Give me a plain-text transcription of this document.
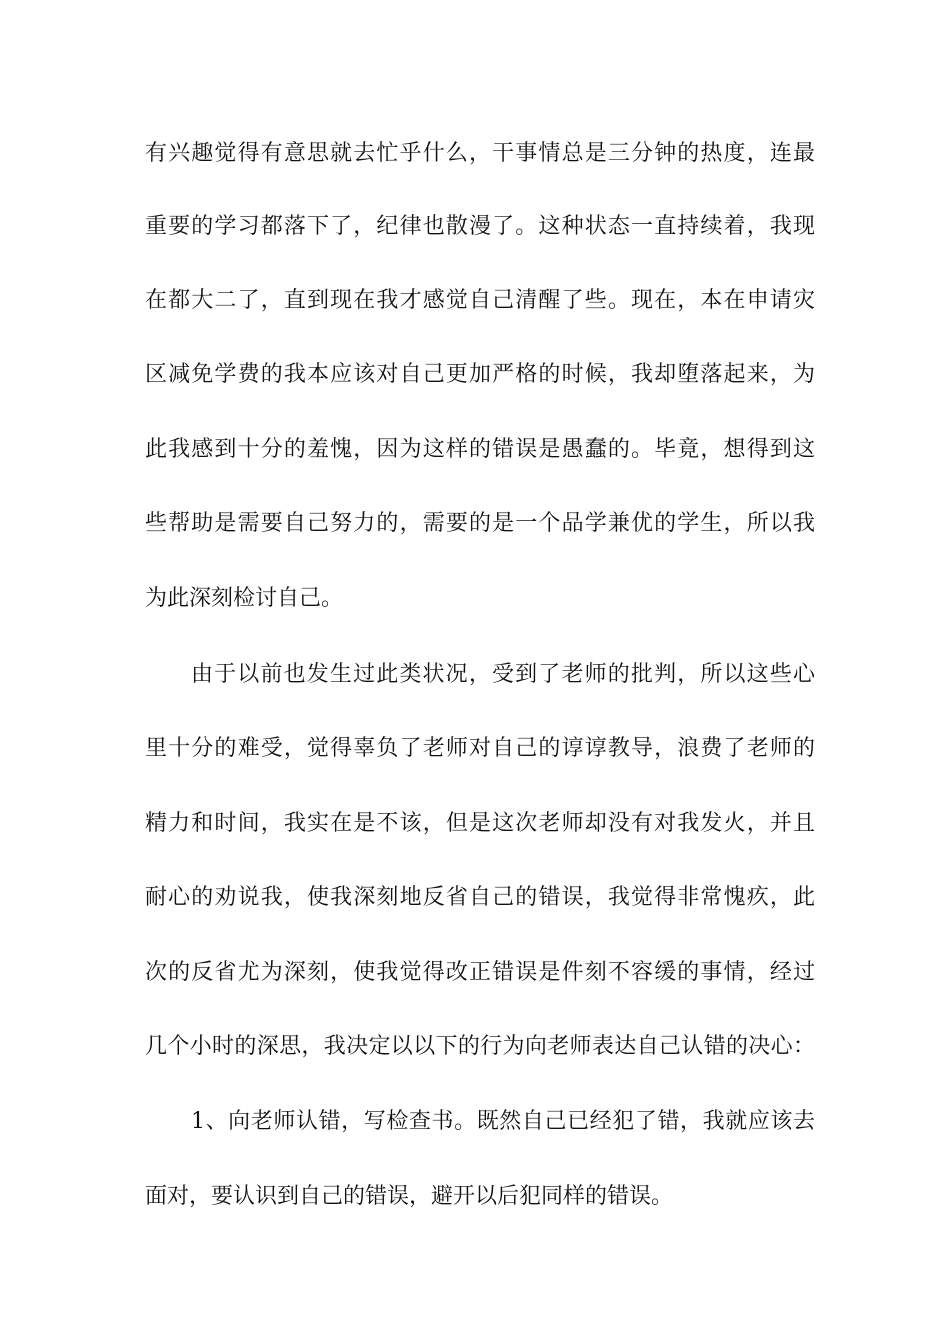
有兴趣觉得有意思就去忙乎什么，干事情总是三分钟的热度，连最
重要的学习都落下了，纪律也散漫了。这种状态一直持续着，我现
在都大二了，直到现在我才感觉自己清醒了些。现在，本在申请灾
区减免学费的我本应该对自己更加严格的时候，我却堕落起来，为
此我感到十分的羞愧，因为这样的错误是愚蠢的。毕竟，想得到这
些帮助是需要自己努力的，需要的是一个品学兼优的学生，所以我
为此深刻检讨自己。
由于以前也发生过此类状况，受到了老师的批判，所以这些心
里十分的难受，觉得辜负了老师对自己的谆谆教导，浪费了老师的
精力和时间，我实在是不该，但是这次老师却没有对我发火，并且
耐心的劝说我，使我深刻地反省自己的错误，我觉得非常愧疚，此
次的反省尤为深刻，使我觉得改正错误是件刻不容缓的事情，经过
几个小时的深思，我决定以以下的行为向老师表达自己认错的决心：
1、向老师认错，写检查书。既然自己已经犯了错，我就应该去
面对，要认识到自己的错误，避开以后犯同样的错误。
